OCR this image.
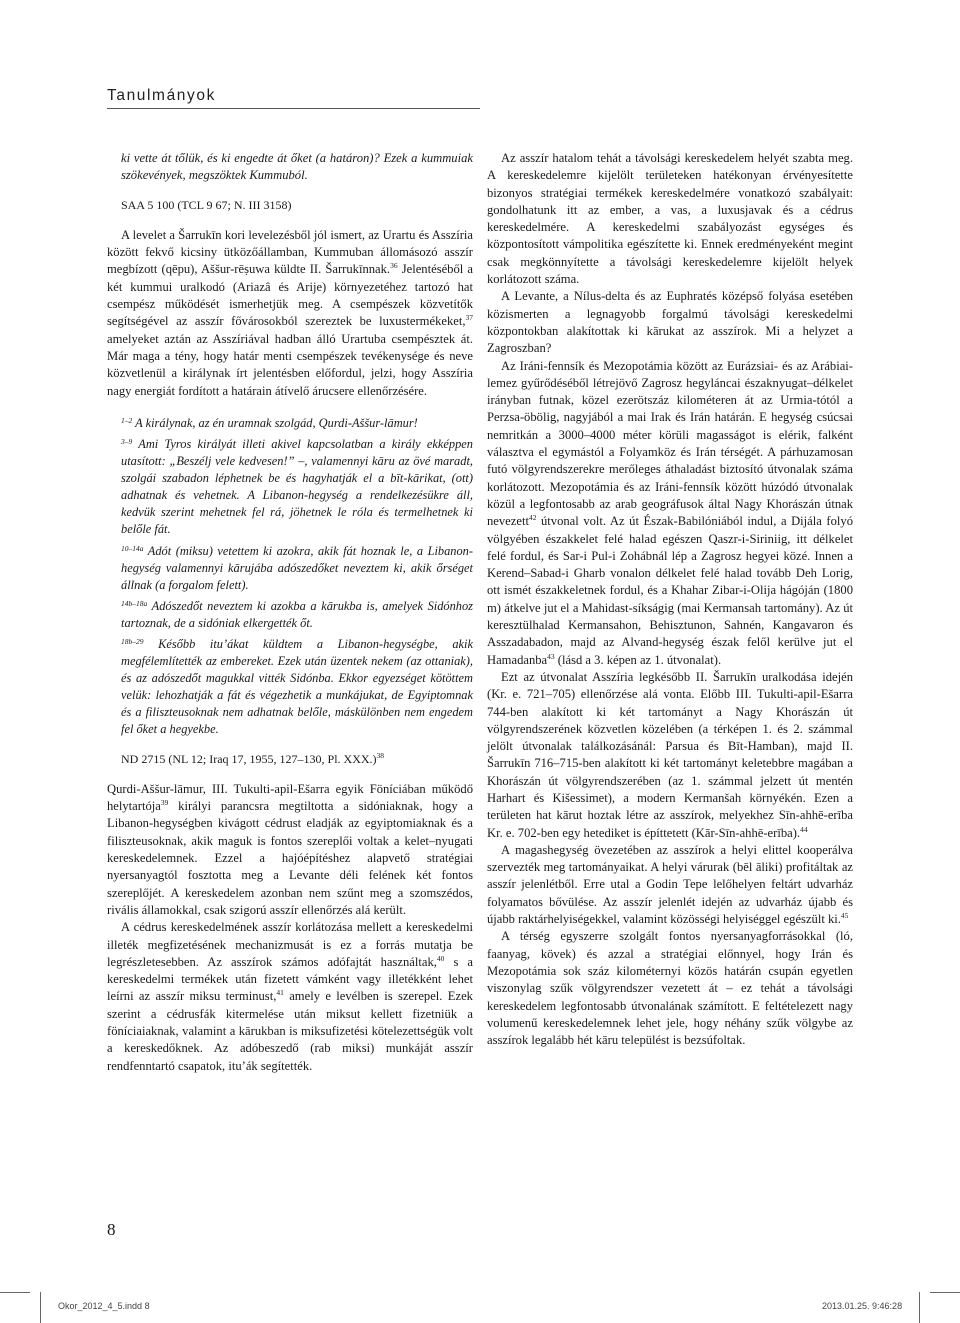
Tanulmányok

ki vette át tőlük, és ki engedte át őket (a határon)? Ezek a kummuiak szökevények, megszöktek Kummuból.

SAA 5 100 (TCL 9 67; N. III 3158)

A levelet a Šarrukīn kori levelezésből jól ismert, az Urartu és Asszíria között fekvő kicsiny ütközőállamban, Kummuban állomásozó asszír megbízott (qēpu), Aššur-rēṣuwa küldte II. Šarrukīnnak.$^{36}$ Jelentéséből a két kummui uralkodó (Ariazâ és Arije) környezetéhez tartozó hat csempész működését ismerhetjük meg. A csempészek közvetítők segítségével az asszír fővárosokból szereztek be luxustermékeket,$^{37}$ amelyeket aztán az Asszíriával hadban álló Urartuba csempésztek át. Már maga a tény, hogy határ menti csempészek tevékenysége és neve közvetlenül a királynak írt jelentésben előfordul, jelzi, hogy Asszíria nagy energiát fordított a határain átívelő árucsere ellenőrzésére.

$^{1-2}$ A királynak, az én uramnak szolgád, Qurdi-Aššur-lāmur!

$^{3-9}$ Ami Tyros királyát illeti akivel kapcsolatban a király ekképpen utasított: „Beszélj vele kedvesen!” –, valamennyi kāru az övé maradt, szolgái szabadon léphetnek be és hagyhatják el a bīt-kārikat, (ott) adhatnak és vehetnek. A Libanon-hegység a rendelkezésükre áll, kedvük szerint mehetnek fel rá, jöhetnek le róla és termelhetnek ki belőle fát.

$^{10-14a}$ Adót (miksu) vetettem ki azokra, akik fát hoznak le, a Libanon-hegység valamennyi kārujába adószedőket neveztem ki, akik őrséget állnak (a forgalom felett).

$^{14b-18a}$ Adószedőt neveztem ki azokba a kārukba is, amelyek Sidónhoz tartoznak, de a sidóniak elkergették őt.

$^{18b-29}$ Később itu’ákat küldtem a Libanon-hegységbe, akik megfélemlítették az embereket. Ezek után üzentek nekem (az ottaniak), és az adószedőt magukkal vitték Sidónba. Ekkor egyezséget kötöttem velük: lehozhatják a fát és végezhetik a munkájukat, de Egyiptomnak és a filiszteusoknak nem adhatnak belőle, máskülönben nem engedem fel őket a hegyekbe.

ND 2715 (NL 12; Iraq 17, 1955, 127–130, Pl. XXX.)$^{38}$

Qurdi-Aššur-lāmur, III. Tukulti-apil-Ešarra egyik Föníciában működő helytartója$^{39}$ királyi parancsra megtiltotta a sidóniaknak, hogy a Libanon-hegységben kivágott cédrust eladják az egyiptomiaknak és a filiszteusoknak, akik maguk is fontos szereplői voltak a kelet–nyugati kereskedelemnek. Ezzel a hajóépítéshez alapvető stratégiai nyersanyagtól fosztotta meg a Levante déli felének két fontos szereplőjét. A kereskedelem azonban nem szűnt meg a szomszédos, rivális államokkal, csak szigorú asszír ellenőrzés alá került.

A cédrus kereskedelmének asszír korlátozása mellett a kereskedelmi illeték megfizetésének mechanizmusát is ez a forrás mutatja be legrészletesebben. Az asszírok számos adófajtát használtak,$^{40}$ s a kereskedelmi termékek után fizetett vámként vagy illetékként lehet leírni az asszír miksu terminust,$^{41}$ amely e levélben is szerepel. Ezek szerint a cédrusfák kitermelése után miksut kellett fizetniük a föníciaiaknak, valamint a kārukban is miksufizetési kötelezettségük volt a kereskedőknek. Az adóbeszedő (rab miksi) munkáját asszír rendfenntartó csapatok, itu’ák segítették.

Az asszír hatalom tehát a távolsági kereskedelem helyét szabta meg. A kereskedelemre kijelölt területeken hatékonyan érvényesítette bizonyos stratégiai termékek kereskedelmére vonatkozó szabályait: gondolhatunk itt az ember, a vas, a luxusjavak és a cédrus kereskedelmére. A kereskedelmi szabályozást egységes és központosított vámpolitika egészítette ki. Ennek eredményeként megint csak megkönnyítette a távolsági kereskedelemre kijelölt helyek korlátozott száma.

A Levante, a Nílus-delta és az Euphratés középső folyása esetében közismerten a legnagyobb forgalmú távolsági kereskedelmi központokban alakítottak ki kārukat az asszírok. Mi a helyzet a Zagroszban?

Az Iráni-fennsík és Mezopotámia között az Eurázsiai- és az Arábiai-lemez gyűrődéséből létrejövő Zagrosz hegyláncai északnyugat–délkelet irányban futnak, közel ezerötszáz kilométeren át az Urmia-tótól a Perzsa-öbölig, nagyjából a mai Irak és Irán határán. E hegység csúcsai nemritkán a 3000–4000 méter körüli magasságot is elérik, falként választva el egymástól a Folyamköz és Irán térségét. A párhuzamosan futó völgyrendszerekre merőleges áthaladást biztosító útvonalak száma korlátozott. Mezopotámia és az Iráni-fennsík között húzódó útvonalak közül a legfontosabb az arab geográfusok által Nagy Khorászán útnak nevezett$^{42}$ útvonal volt. Az út Észak-Babilóniából indul, a Dijála folyó völgyében északkelet felé halad egészen Qaszr-i-Siriniig, itt délkelet felé fordul, és Sar-i Pul-i Zohábnál lép a Zagrosz hegyei közé. Innen a Kerend–Sabad-i Gharb vonalon délkelet felé halad tovább Deh Lorig, ott ismét északkeletnek fordul, és a Khahar Zibar-i-Olija hágóján (1800 m) átkelve jut el a Mahidast-síkságig (mai Kermansah tartomány). Az út keresztülhalad Kermansahon, Behisztunon, Sahnén, Kangavaron és Asszadabadon, majd az Alvand-hegység észak felől kerülve jut el Hamadanba$^{43}$ (lásd a 3. képen az 1. útvonalat).

Ezt az útvonalat Asszíria legkésőbb II. Šarrukīn uralkodása idején (Kr. e. 721–705) ellenőrzése alá vonta. Előbb III. Tukulti-apil-Ešarra 744-ben alakított ki két tartományt a Nagy Khorászán út völgyrendszerének közvetlen közelében (a térképen 1. és 2. számmal jelölt útvonalak találkozásánál: Parsua és Bīt-Hamban), majd II. Šarrukīn 716–715-ben alakított ki két tartományt keletebbre magában a Khorászán út völgyrendszerében (az 1. számmal jelzett út mentén Harhart és Kišessimet), a modern Kermanšah környékén. Ezen a területen hat kārut hoztak létre az asszírok, melyekhez Sīn-ahhē-erība Kr. e. 702-ben egy hetediket is építtetett (Kār-Sīn-ahhē-erība).$^{44}$

A magashegység övezetében az asszírok a helyi elittel kooperálva szervezték meg tartományaikat. A helyi várurak (bēl āliki) profitáltak az asszír jelenlétből. Erre utal a Godin Tepe lelőhelyen feltárt udvarház folyamatos bővülése. Az asszír jelenlét idején az udvarház újabb és újabb raktárhelyiségekkel, valamint közösségi helyiséggel egészült ki.$^{45}$

A térség egyszerre szolgált fontos nyersanyagforrásokkal (ló, faanyag, kövek) és azzal a stratégiai előnnyel, hogy Irán és Mezopotámia sok száz kilométernyi közös határán csupán egyetlen viszonylag szűk völgyrendszer vezetett át – ez tehát a távolsági kereskedelem legfontosabb útvonalának számított. E feltételezett nagy volumenű kereskedelemnek lehet jele, hogy néhány szűk völgybe az asszírok legalább hét kāru települést is bezsúfoltak.

8
Okor_2012_4_5.indd 8	2013.01.25. 9:46:28
